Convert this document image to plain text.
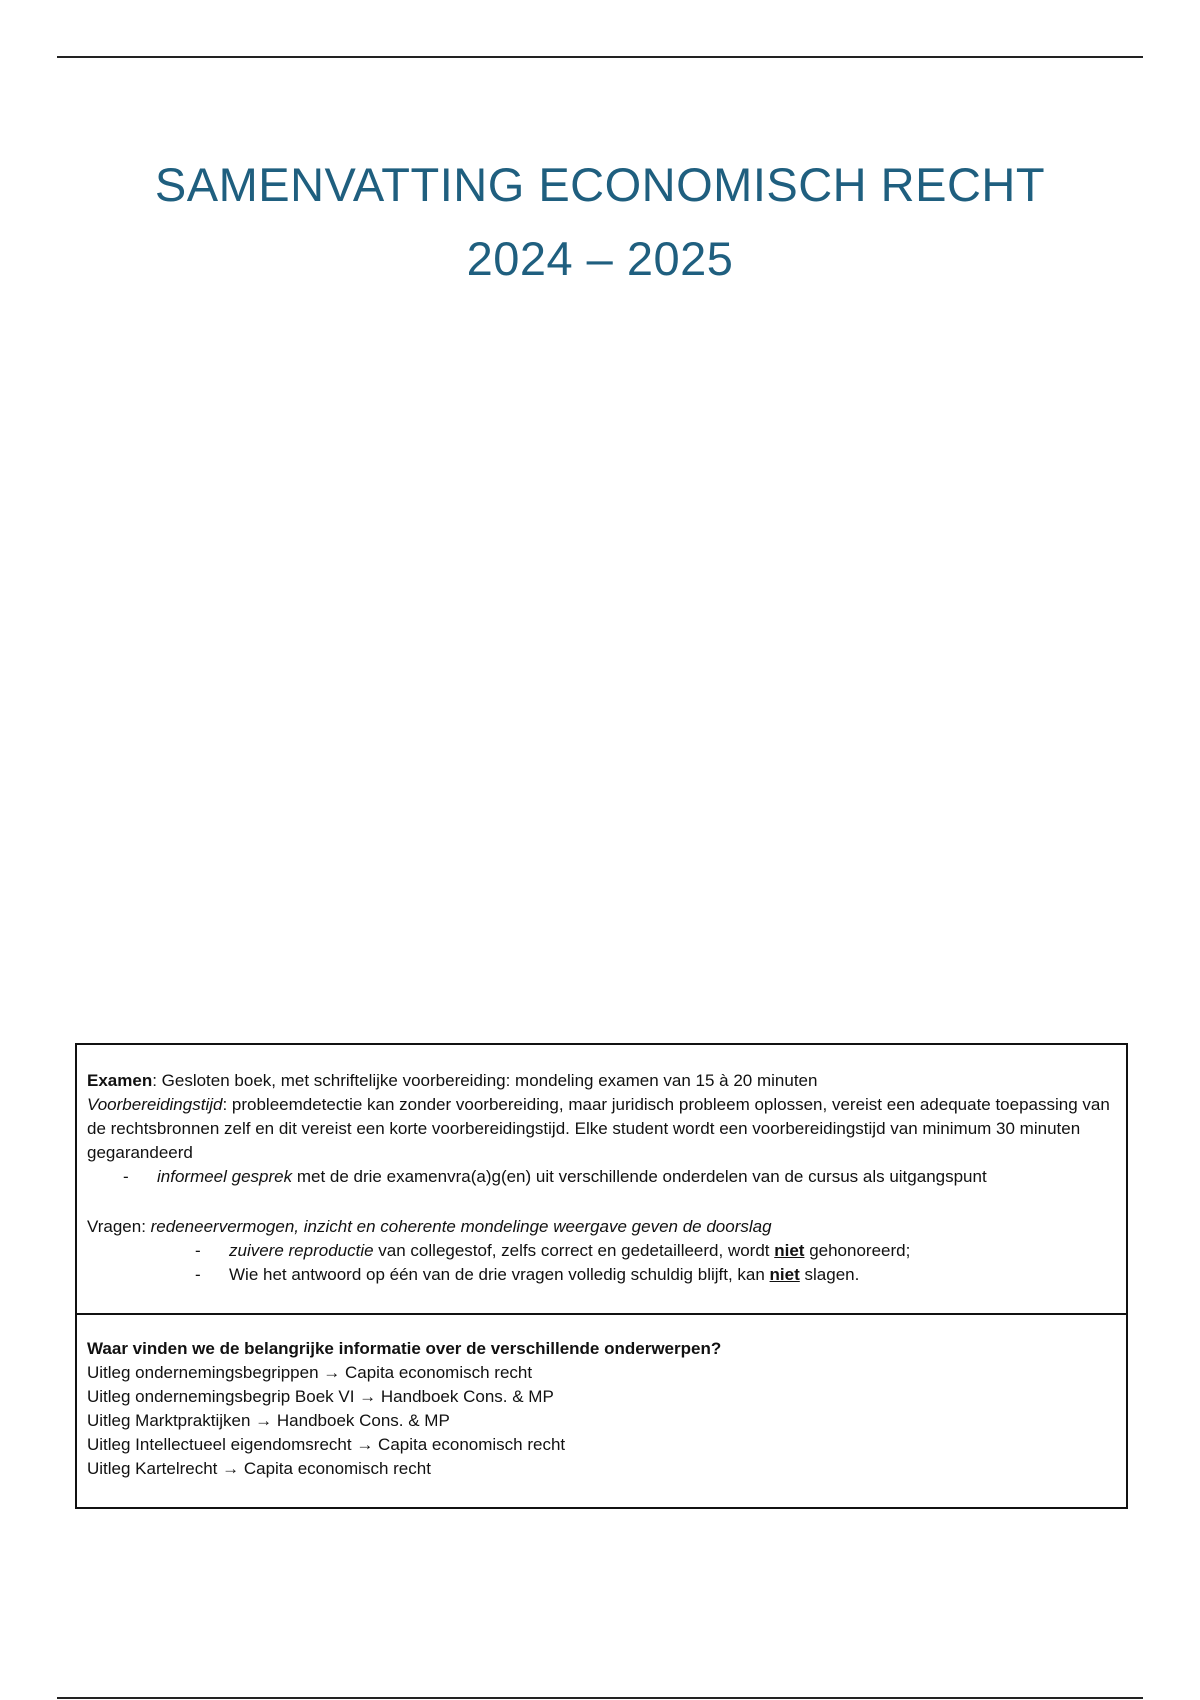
SAMENVATTING ECONOMISCH RECHT
2024 – 2025
Examen: Gesloten boek, met schriftelijke voorbereiding: mondeling examen van 15 à 20 minuten
Voorbereidingstijd: probleemdetectie kan zonder voorbereiding, maar juridisch probleem oplossen, vereist een adequate toepassing van de rechtsbronnen zelf en dit vereist een korte voorbereidingstijd. Elke student wordt een voorbereidingstijd van minimum 30 minuten gegarandeerd
-	informeel gesprek met de drie examenvra(a)g(en) uit verschillende onderdelen van de cursus als uitgangspunt
Vragen: redeneervermogen, inzicht en coherente mondelinge weergave geven de doorslag
-	zuivere reproductie van collegestof, zelfs correct en gedetailleerd, wordt niet gehonoreerd;
-	Wie het antwoord op één van de drie vragen volledig schuldig blijft, kan niet slagen.
Waar vinden we de belangrijke informatie over de verschillende onderwerpen?
Uitleg ondernemingsbegrippen → Capita economisch recht
Uitleg ondernemingsbegrip Boek VI → Handboek Cons. & MP
Uitleg Marktpraktijken → Handboek Cons. & MP
Uitleg Intellectueel eigendomsrecht → Capita economisch recht
Uitleg Kartelrecht → Capita economisch recht
